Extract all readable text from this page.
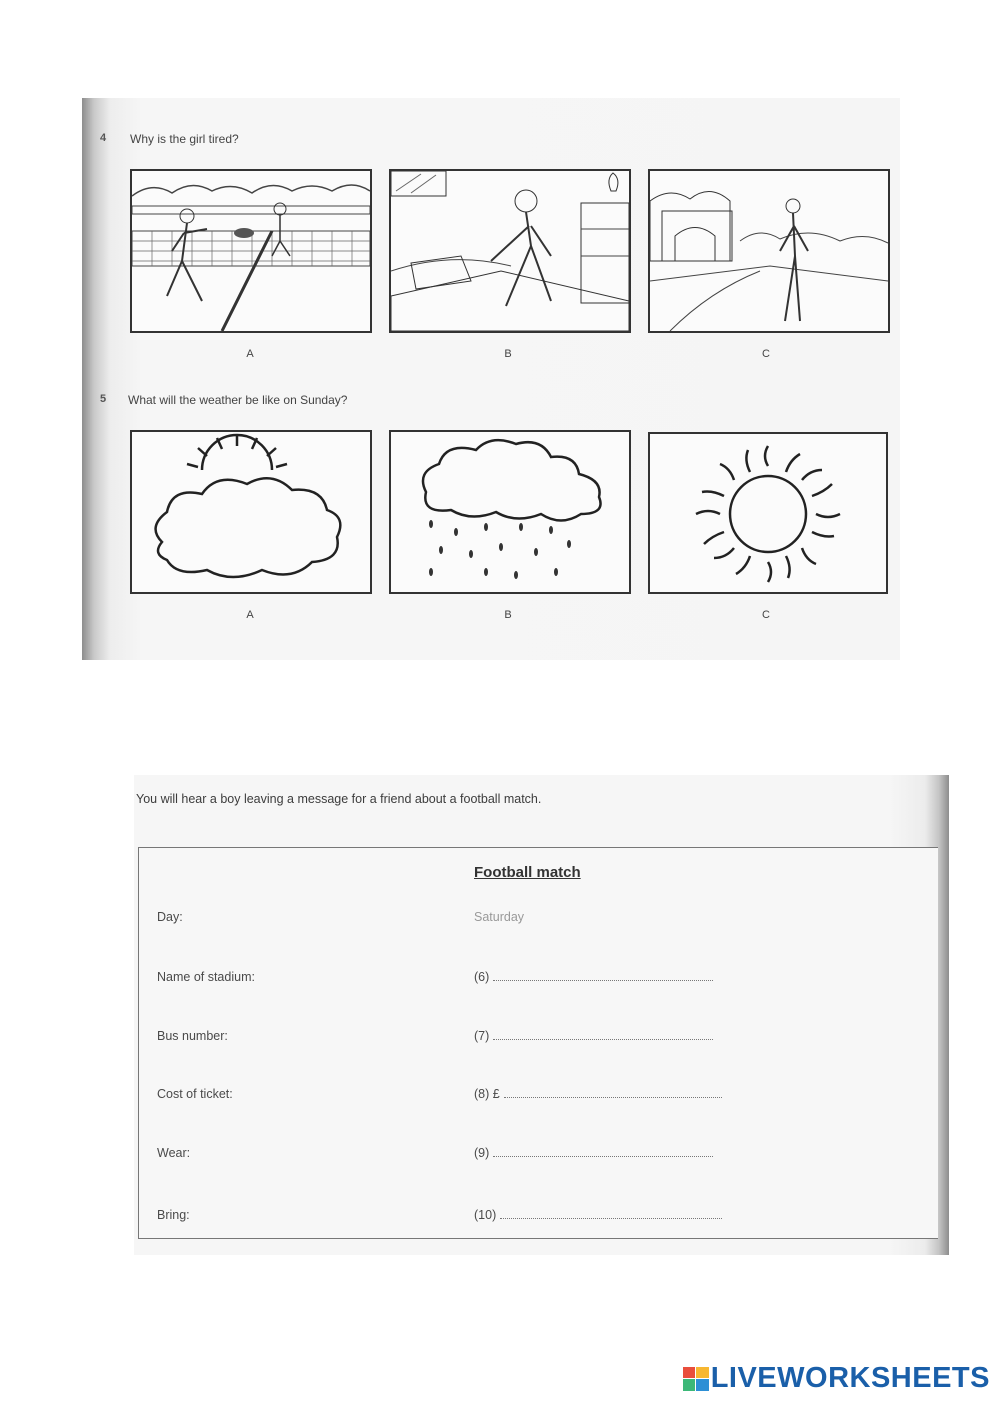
4 Why is the girl tired?
A	B	C
5 What will the weather be like on Sunday?
A	B	C
You will hear a boy leaving a message for a friend about a football match.
Football match
Day:	Saturday
Name of stadium:	(6)
Bus number:	(7)
Cost of ticket:	(8) £
Wear:	(9)
Bring:	(10)
LIVEWORKSHEETS
